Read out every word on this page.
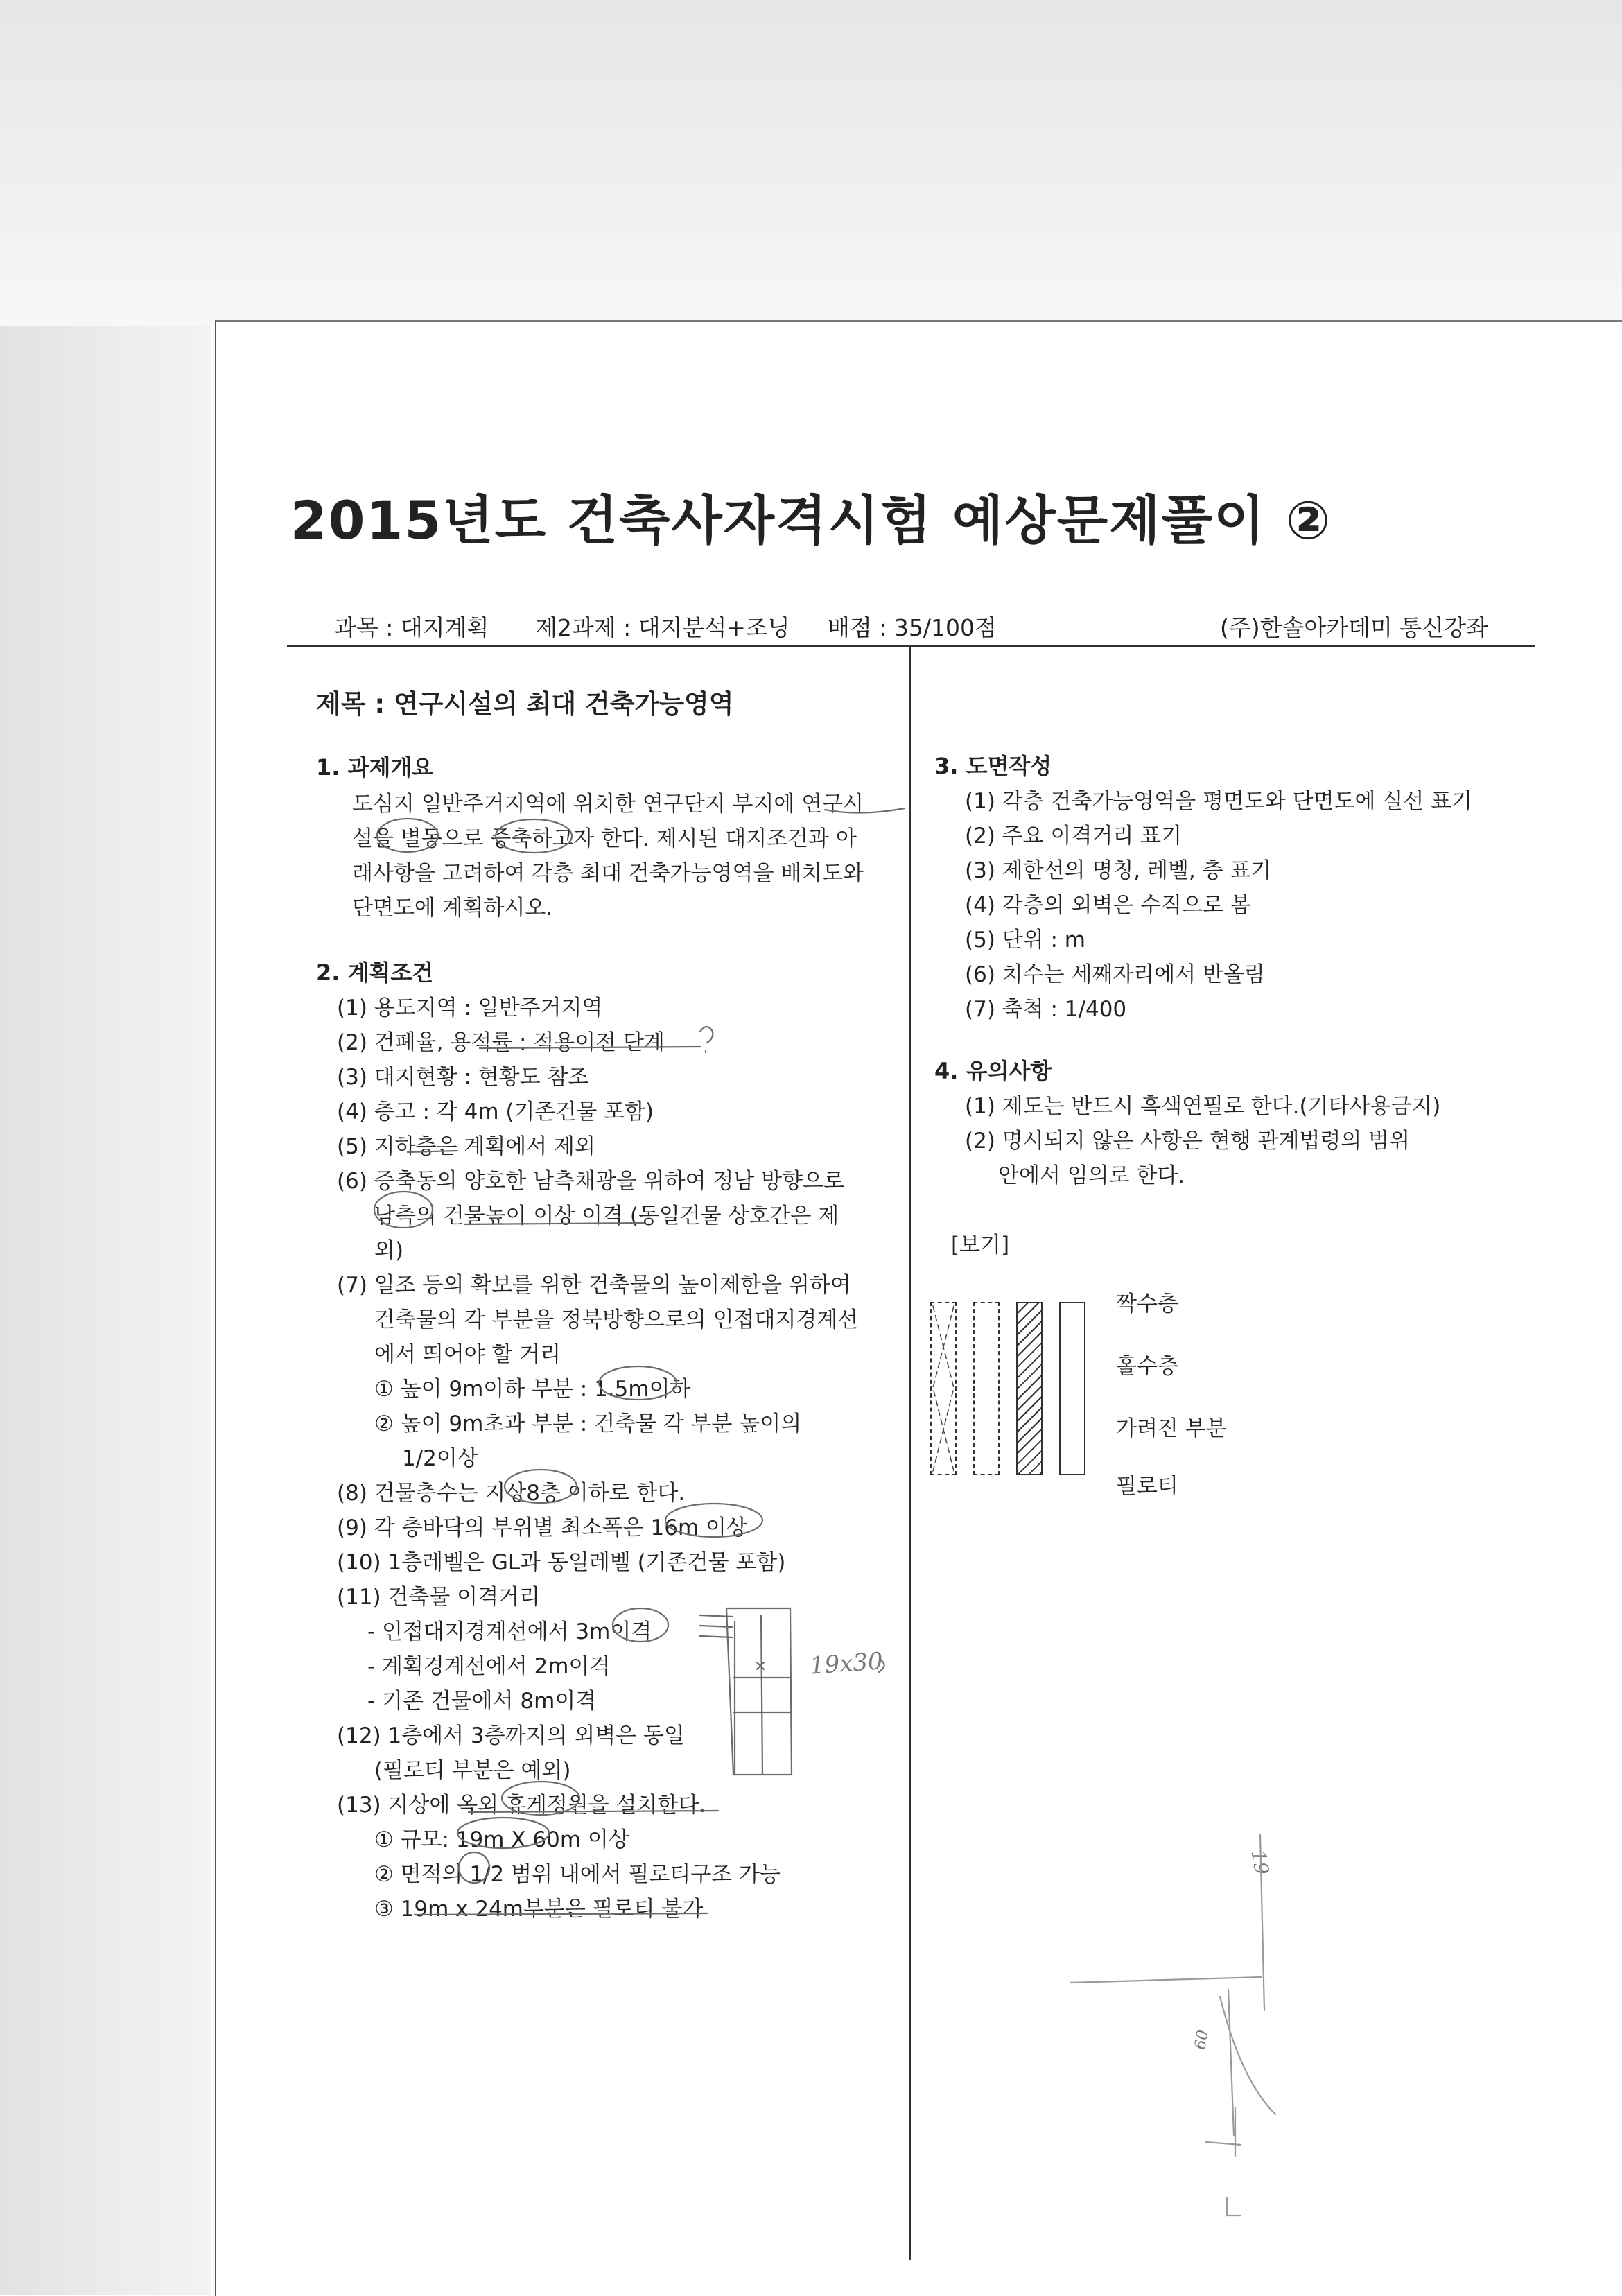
2015년도 건축사자격시험 예상문제풀이 ②
과목 : 대지계획 제2과제 : 대지분석+조닝 배점 : 35/100점	(주)한솔아카데미 통신강좌
제목 : 연구시설의 최대 건축가능영역
1. 과제개요
도심지 일반주거지역에 위치한 연구단지 부지에 연구시
설을 별동으로 증축하고자 한다. 제시된 대지조건과 아
래사항을 고려하여 각층 최대 건축가능영역을 배치도와
단면도에 계획하시오.
2. 계획조건
(1) 용도지역 : 일반주거지역
(2) 건폐율, 용적률 : 적용이전 단계
(3) 대지현황 : 현황도 참조
(4) 층고 : 각 4m (기존건물 포함)
(5) 지하층은 계획에서 제외
(6) 증축동의 양호한 남측채광을 위하여 정남 방향으로
남측의 건물높이 이상 이격 (동일건물 상호간은 제
외)
(7) 일조 등의 확보를 위한 건축물의 높이제한을 위하여
건축물의 각 부분을 정북방향으로의 인접대지경계선
에서 띄어야 할 거리
① 높이 9m이하 부분 : 1.5m이하
② 높이 9m초과 부분 : 건축물 각 부분 높이의
1/2이상
(8) 건물층수는 지상8층 이하로 한다.
(9) 각 층바닥의 부위별 최소폭은 16m 이상
(10) 1층레벨은 GL과 동일레벨 (기존건물 포함)
(11) 건축물 이격거리
- 인접대지경계선에서 3m이격
- 계획경계선에서 2m이격
- 기존 건물에서 8m이격
(12) 1층에서 3층까지의 외벽은 동일
(필로티 부분은 예외)
(13) 지상에 옥외 휴게정원을 설치한다.
① 규모: 19m X 60m 이상
② 면적의 1/2 범위 내에서 필로티구조 가능
③ 19m x 24m부분은 필로티 불가
3. 도면작성
(1) 각층 건축가능영역을 평면도와 단면도에 실선 표기
(2) 주요 이격거리 표기
(3) 제한선의 명칭, 레벨, 층 표기
(4) 각층의 외벽은 수직으로 봄
(5) 단위 : m
(6) 치수는 세째자리에서 반올림
(7) 축척 : 1/400
4. 유의사항
(1) 제도는 반드시 흑색연필로 한다.(기타사용금지)
(2) 명시되지 않은 사항은 현행 관계법령의 범위
안에서 임의로 한다.
[보기]
짝수층
홀수층
가려진 부분
필로티
19x30
19
60
